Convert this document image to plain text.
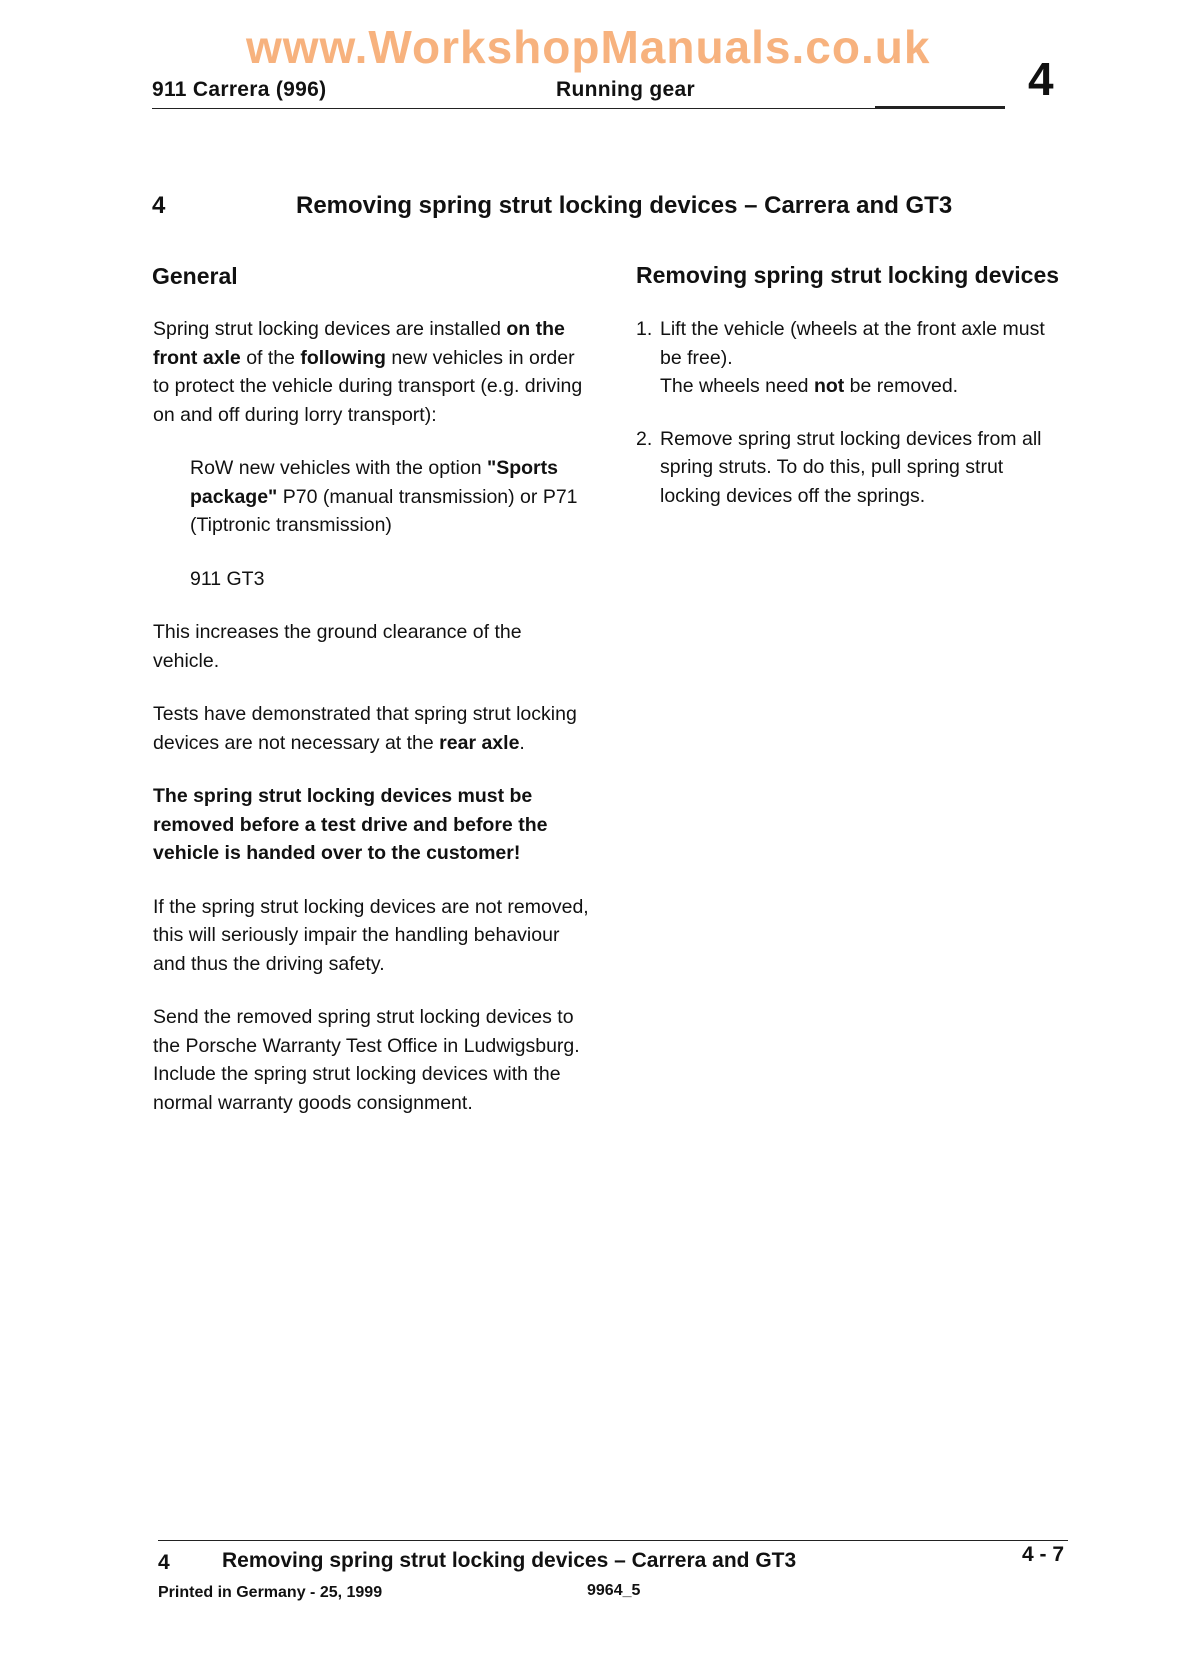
www.WorkshopManuals.co.uk
911 Carrera (996)	Running gear	4
4	Removing spring strut locking devices – Carrera and GT3
General	Removing spring strut locking devices

Spring strut locking devices are installed on the front axle of the following new vehicles in order to protect the vehicle during transport (e.g. driving on and off during lorry transport):

RoW new vehicles with the option "Sports package" P70 (manual transmission) or P71 (Tiptronic transmission)

911 GT3

This increases the ground clearance of the vehicle.

Tests have demonstrated that spring strut locking devices are not necessary at the rear axle.

The spring strut locking devices must be removed before a test drive and before the vehicle is handed over to the customer!

If the spring strut locking devices are not removed, this will seriously impair the handling behaviour and thus the driving safety.

Send the removed spring strut locking devices to the Porsche Warranty Test Office in Ludwigsburg.

Include the spring strut locking devices with the normal warranty goods consignment.

1. Lift the vehicle (wheels at the front axle must be free).
The wheels need not be removed.
2. Remove spring strut locking devices from all spring struts. To do this, pull spring strut locking devices off the springs.
4 Removing spring strut locking devices – Carrera and GT3	4 - 7
Printed in Germany - 25, 1999	9964_5
